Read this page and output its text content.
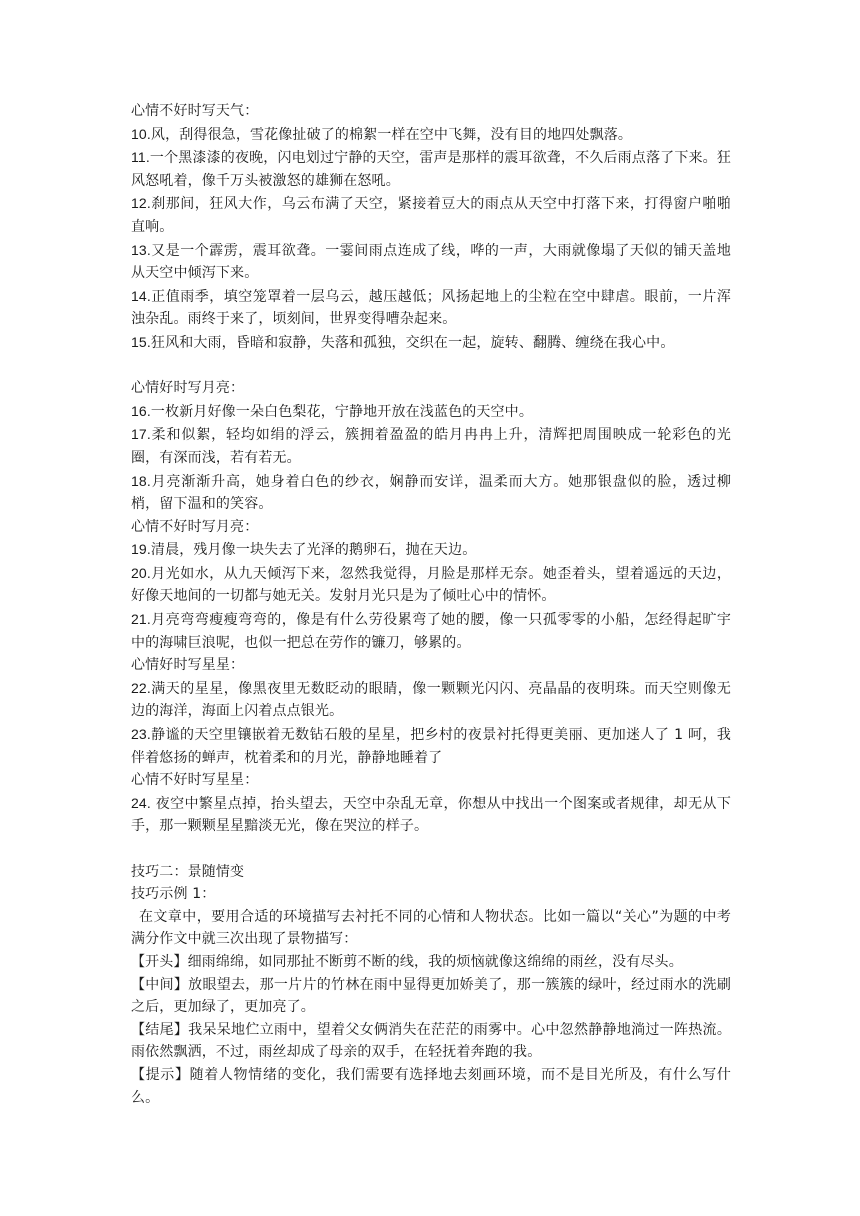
心情不好时写天气：

10.风，刮得很急，雪花像扯破了的棉絮一样在空中飞舞，没有目的地四处飘落。

11.一个黑漆漆的夜晚，闪电划过宁静的天空，雷声是那样的震耳欲聋，不久后雨点落了下来。狂风怒吼着，像千万头被激怒的雄狮在怒吼。

12.刹那间，狂风大作，乌云布满了天空，紧接着豆大的雨点从天空中打落下来，打得窗户啪啪直响。

13.又是一个霹雳，震耳欲聋。一霎间雨点连成了线，哗的一声，大雨就像塌了天似的铺天盖地从天空中倾泻下来。

14.正值雨季，填空笼罩着一层乌云，越压越低；风扬起地上的尘粒在空中肆虐。眼前，一片浑浊杂乱。雨终于来了，顷刻间，世界变得嘈杂起来。

15.狂风和大雨，昏暗和寂静，失落和孤独，交织在一起，旋转、翻腾、缠绕在我心中。

心情好时写月亮：

16.一枚新月好像一朵白色梨花，宁静地开放在浅蓝色的天空中。

17.柔和似絮，轻均如绢的浮云，簇拥着盈盈的皓月冉冉上升，清辉把周围映成一轮彩色的光圈，有深而浅，若有若无。

18.月亮渐渐升高，她身着白色的纱衣，娴静而安详，温柔而大方。她那银盘似的脸，透过柳梢，留下温和的笑容。

心情不好时写月亮：

19.清晨，残月像一块失去了光泽的鹅卵石，抛在天边。

20.月光如水，从九天倾泻下来，忽然我觉得，月脸是那样无奈。她歪着头，望着遥远的天边，好像天地间的一切都与她无关。发射月光只是为了倾吐心中的情怀。

21.月亮弯弯瘦瘦弯弯的，像是有什么劳役累弯了她的腰，像一只孤零零的小船，怎经得起旷宇中的海啸巨浪呢，也似一把总在劳作的镰刀，够累的。

心情好时写星星：

22.满天的星星，像黑夜里无数眨动的眼睛，像一颗颗光闪闪、亮晶晶的夜明珠。而天空则像无边的海洋，海面上闪着点点银光。

23.静谧的天空里镶嵌着无数钻石般的星星，把乡村的夜景衬托得更美丽、更加迷人了 1 呵，我伴着悠扬的蝉声，枕着柔和的月光，静静地睡着了

心情不好时写星星：

24. 夜空中繁星点掉，抬头望去，天空中杂乱无章，你想从中找出一个图案或者规律，却无从下手，那一颗颗星星黯淡无光，像在哭泣的样子。

技巧二：景随情变

技巧示例 1：

在文章中，要用合适的环境描写去衬托不同的心情和人物状态。比如一篇以“关心”为题的中考满分作文中就三次出现了景物描写：

【开头】细雨绵绵，如同那扯不断剪不断的线，我的烦恼就像这绵绵的雨丝，没有尽头。

【中间】放眼望去，那一片片的竹林在雨中显得更加娇美了，那一簇簇的绿叶，经过雨水的洗刷之后，更加绿了，更加亮了。

【结尾】我呆呆地伫立雨中，望着父女俩消失在茫茫的雨雾中。心中忽然静静地淌过一阵热流。雨依然飘洒，不过，雨丝却成了母亲的双手，在轻抚着奔跑的我。

【提示】随着人物情绪的变化，我们需要有选择地去刻画环境，而不是目光所及，有什么写什么。
